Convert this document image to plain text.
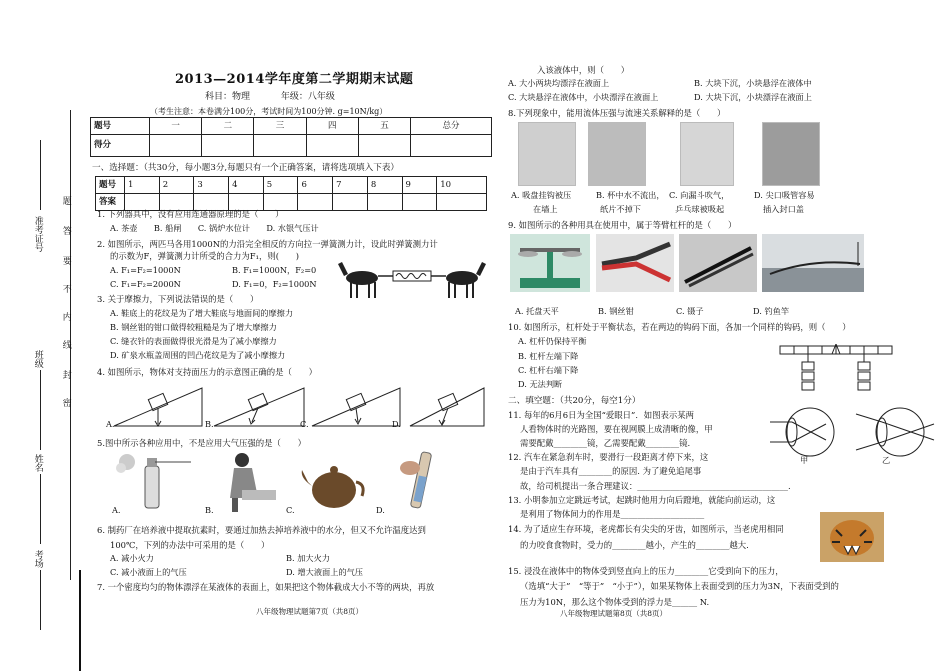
密
封
线
内
不
要
答
题
准考证号
班级
姓名
考场
2013—2014学年度第二学期期末试题
科目：物理	年级：八年级
（考生注意：本卷满分100分，考试时间为100分钟. g=10N/kg）
题号	一	二	三	四	五	总分
得分						
一、选择题：（共30分，每小题3分,每题只有一个正确答案，请将选项填入下表）
题号	1	2	3	4	5	6	7	8	9	10
答案										
1. 下列器具中，没有应用连通器原理的是（　　）
A. 茶壶　　B. 船闸　　C. 锅炉水位计　　D. 水银气压计
2. 如图所示，两匹马各用1000N的力沿完全相反的方向拉一弹簧测力计，设此时弹簧测力计
的示数为F，弹簧测力计所受的合力为F₁，则(　　)
A. F₁=F₂=1000N	B. F₁=1000N，F₂=0
C. F₁=F₂=2000N	D. F₁=0，F₂=1000N
3. 关于摩擦力，下列说法错误的是（　　）
A. 鞋底上的花纹是为了增大鞋底与地面间的摩擦力
B. 钢丝钳的钳口做得较粗糙是为了增大摩擦力
C. 缝衣针的表面做得很光滑是为了减小摩擦力
D. 矿泉水瓶盖周围的凹凸花纹是为了减小摩擦力
4. 如图所示，物体对支持面压力的示意图正确的是（　　）
A.	B.	C.	D.
5.图中所示各种应用中，不是应用大气压强的是（　　）
A.	B.	C.	D.
6. 制药厂在培养液中提取抗素时，要通过加热去掉培养液中的水分，但又不允许温度达到
100℃，下列的办法中可采用的是（　　）
A. 减小火力	B. 加大火力
C. 减小液面上的气压	D. 增大液面上的气压
7. 一个密度均匀的物体漂浮在某液体的表面上，如果把这个物体截成大小不等的两块，再放
八年级物理试题第7页（共8页）
入该液体中，则（　　）
A. 大小两块均漂浮在液面上	B. 大块下沉，小块悬浮在液体中
C. 大块悬浮在液体中，小块漂浮在液面上	D. 大块下沉，小块漂浮在液面上
8.下列现象中，能用流体压强与流速关系解释的是（　　）
A. 吸盘挂钩被压	B. 杯中水不流出， C. 向漏斗吹气，	D. 尖口吸管容易
在墙上	纸片不掉下	乒乓球被吸起	插入封口盖
9. 如图所示的各种用具在使用中，属于等臂杠杆的是（　　）
A. 托盘天平	B. 钢丝钳	C. 镊子	D. 钓鱼竿
10. 如图所示，杠杆处于平衡状态，若在两边的钩码下面，各加一个同样的钩码，则（　　）
A. 杠杆仍保持平衡
B. 杠杆左端下降
C. 杠杆右端下降
D. 无法判断
二、填空题：（共20分，每空1分）
11. 每年的6月6日为全国“爱眼日”．如图表示某两
人看物体时的光路图，要在视网膜上成清晰的像，甲
需要配戴________镜，乙需要配戴________镜.
甲	乙
12. 汽车在紧急刹车时，要滑行一段距离才停下来，这
是由于汽车具有________的原因. 为了避免追尾事
故，给司机提出一条合理建议：____________________________________.
13. 小明参加立定跳远考试，起跳时他用力向后蹬地，就能向前运动，这
是利用了物体间力的作用是____________________
14. 为了适应生存环境，老虎都长有尖尖的牙齿，如图所示，当老虎用相同
的力咬食食物时，受力的________越小，产生的________越大.
15. 浸没在液体中的物体受到竖直向上的压力________它受到向下的压力，
（选填“大于”　“等于”　“小于”），如果某物体上表面受到的压力为3N，下表面受到的
压力为10N，那么这个物体受到的浮力是______ N.
八年级物理试题第8页（共8页）
